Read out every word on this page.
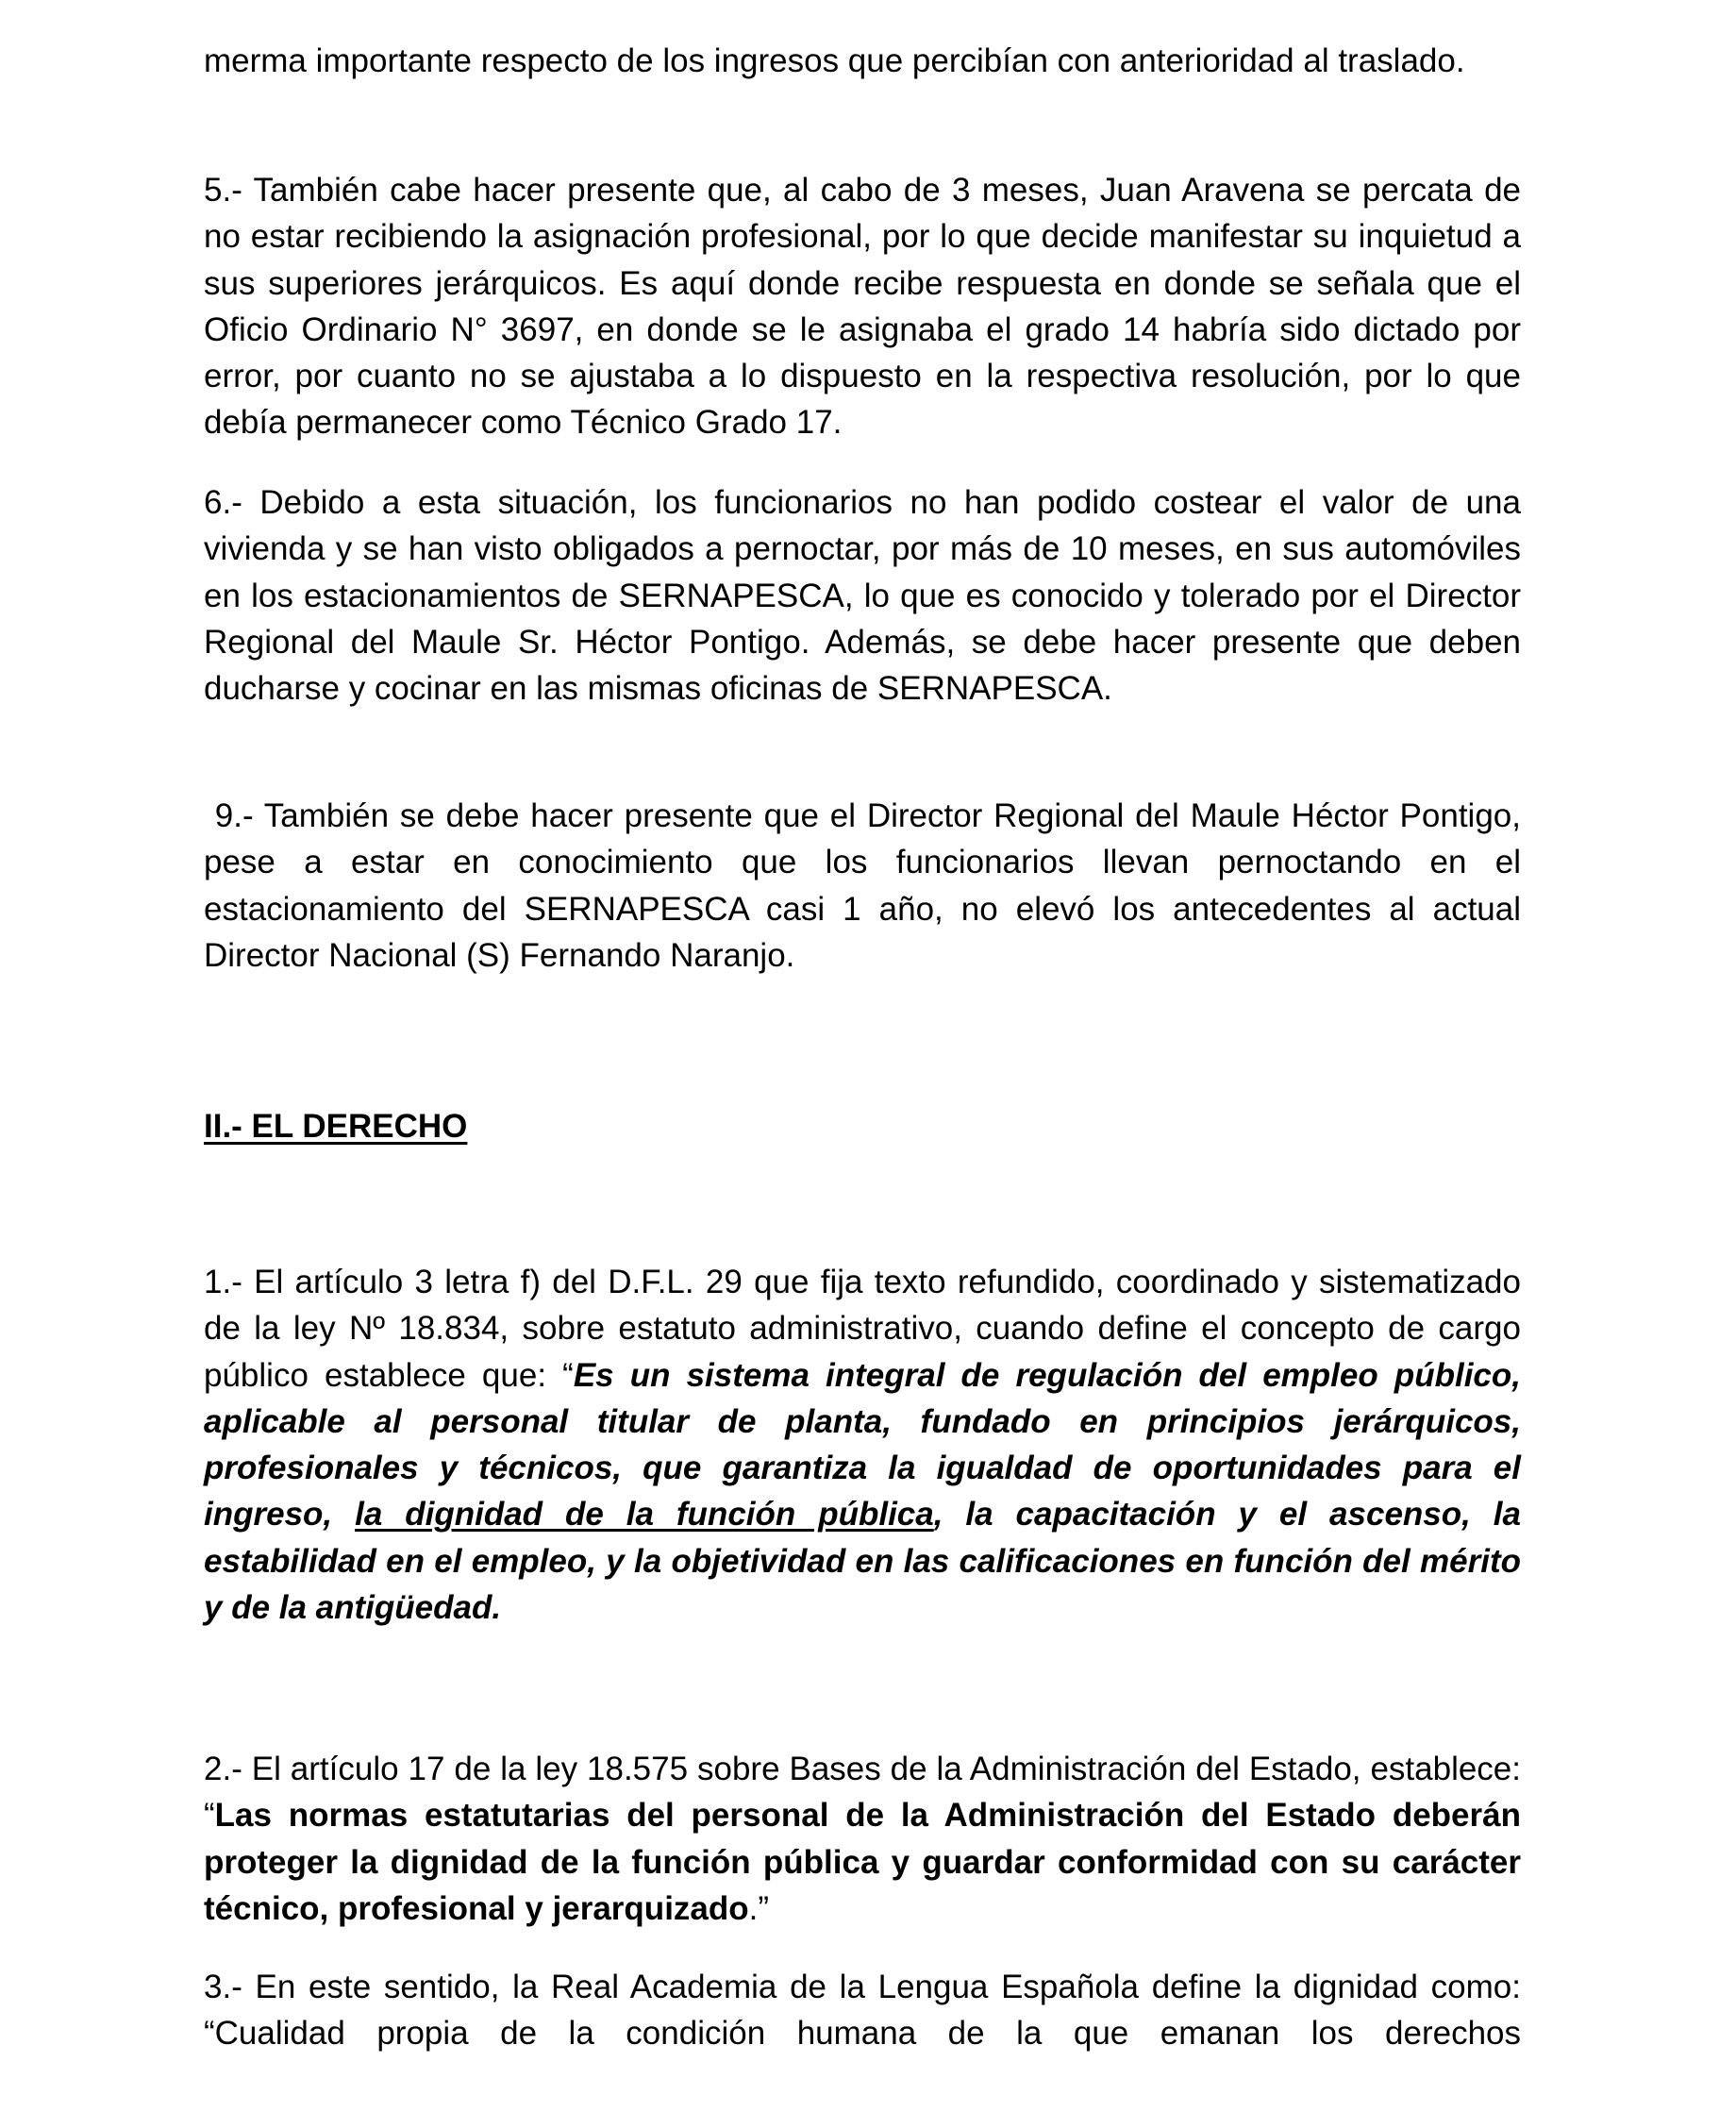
merma importante respecto de los ingresos que percibían con anterioridad al traslado.

5.- También cabe hacer presente que, al cabo de 3 meses, Juan Aravena se percata de no estar recibiendo la asignación profesional, por lo que decide manifestar su inquietud a sus superiores jerárquicos. Es aquí donde recibe respuesta en donde se señala que el Oficio Ordinario N° 3697, en donde se le asignaba el grado 14 habría sido dictado por error, por cuanto no se ajustaba a lo dispuesto en la respectiva resolución, por lo que debía permanecer como Técnico Grado 17.

6.- Debido a esta situación, los funcionarios no han podido costear el valor de una vivienda y se han visto obligados a pernoctar, por más de 10 meses, en sus automóviles en los estacionamientos de SERNAPESCA, lo que es conocido y tolerado por el Director Regional del Maule Sr. Héctor Pontigo. Además, se debe hacer presente que deben ducharse y cocinar en las mismas oficinas de SERNAPESCA.

9.- También se debe hacer presente que el Director Regional del Maule Héctor Pontigo, pese a estar en conocimiento que los funcionarios llevan pernoctando en el estacionamiento del SERNAPESCA casi 1 año, no elevó los antecedentes al actual Director Nacional (S) Fernando Naranjo.

II.- EL DERECHO

1.- El artículo 3 letra f) del D.F.L. 29 que fija texto refundido, coordinado y sistematizado de la ley Nº 18.834, sobre estatuto administrativo, cuando define el concepto de cargo público establece que: “Es un sistema integral de regulación del empleo público, aplicable al personal titular de planta, fundado en principios jerárquicos, profesionales y técnicos, que garantiza la igualdad de oportunidades para el ingreso, la dignidad de la función pública, la capacitación y el ascenso, la estabilidad en el empleo, y la objetividad en las calificaciones en función del mérito y de la antigüedad.

2.- El artículo 17 de la ley 18.575 sobre Bases de la Administración del Estado, establece: “Las normas estatutarias del personal de la Administración del Estado deberán proteger la dignidad de la función pública y guardar conformidad con su carácter técnico, profesional y jerarquizado.”

3.- En este sentido, la Real Academia de la Lengua Española define la dignidad como: “Cualidad propia de la condición humana de la que emanan los derechos
